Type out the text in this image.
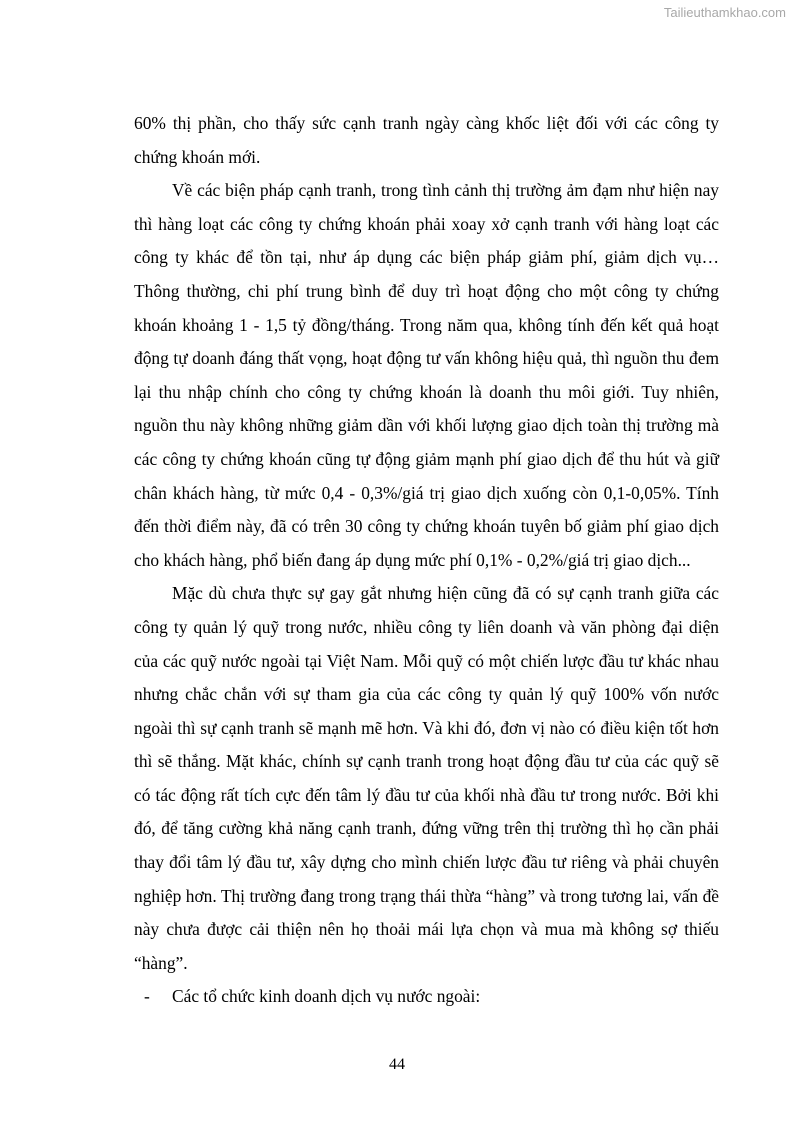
Tailieuthamkhao.com

60% thị phần, cho thấy sức cạnh tranh ngày càng khốc liệt đối với các công ty chứng khoán mới.

Về các biện pháp cạnh tranh, trong tình cảnh thị trường ảm đạm như hiện nay thì hàng loạt các công ty chứng khoán phải xoay xở cạnh tranh với hàng loạt các công ty khác để tồn tại, như áp dụng các biện pháp giảm phí, giảm dịch vụ… Thông thường, chi phí trung bình để duy trì hoạt động cho một công ty chứng khoán khoảng 1 - 1,5 tỷ đồng/tháng. Trong năm qua, không tính đến kết quả hoạt động tự doanh đáng thất vọng, hoạt động tư vấn không hiệu quả, thì nguồn thu đem lại thu nhập chính cho công ty chứng khoán là doanh thu môi giới. Tuy nhiên, nguồn thu này không những giảm dần với khối lượng giao dịch toàn thị trường mà các công ty chứng khoán cũng tự động giảm mạnh phí giao dịch để thu hút và giữ chân khách hàng, từ mức 0,4 - 0,3%/giá trị giao dịch xuống còn 0,1-0,05%. Tính đến thời điểm này, đã có trên 30 công ty chứng khoán tuyên bố giảm phí giao dịch cho khách hàng, phổ biến đang áp dụng mức phí 0,1% - 0,2%/giá trị giao dịch...

Mặc dù chưa thực sự gay gắt nhưng hiện cũng đã có sự cạnh tranh giữa các công ty quản lý quỹ trong nước, nhiều công ty liên doanh và văn phòng đại diện của các quỹ nước ngoài tại Việt Nam. Mỗi quỹ có một chiến lược đầu tư khác nhau nhưng chắc chắn với sự tham gia của các công ty quản lý quỹ 100% vốn nước ngoài thì sự cạnh tranh sẽ mạnh mẽ hơn. Và khi đó, đơn vị nào có điều kiện tốt hơn thì sẽ thắng. Mặt khác, chính sự cạnh tranh trong hoạt động đầu tư của các quỹ sẽ có tác động rất tích cực đến tâm lý đầu tư của khối nhà đầu tư trong nước. Bởi khi đó, để tăng cường khả năng cạnh tranh, đứng vững trên thị trường thì họ cần phải thay đổi tâm lý đầu tư, xây dựng cho mình chiến lược đầu tư riêng và phải chuyên nghiệp hơn. Thị trường đang trong trạng thái thừa “hàng” và trong tương lai, vấn đề này chưa được cải thiện nên họ thoải mái lựa chọn và mua mà không sợ thiếu “hàng”.

-	Các tổ chức kinh doanh dịch vụ nước ngoài:
44
